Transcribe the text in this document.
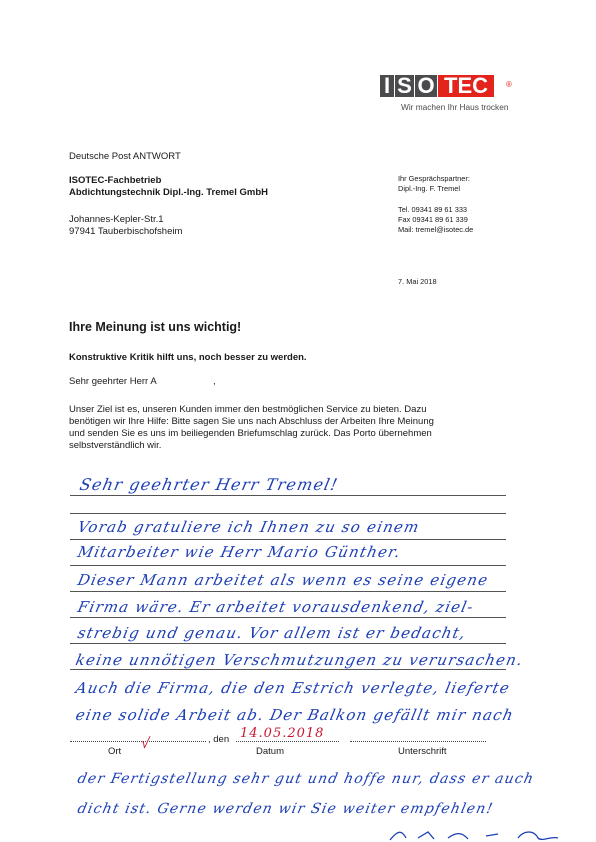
I S O TEC	®
Wir machen Ihr Haus trocken
Deutsche Post ANTWORT
ISOTEC-Fachbetrieb
Abdichtungstechnik Dipl.-Ing. Tremel GmbH
Johannes-Kepler-Str.1
97941 Tauberbischofsheim
Ihr Gesprächspartner:
Dipl.-Ing. F. Tremel
Tel. 09341 89 61 333
Fax 09341 89 61 339
Mail: tremel@isotec.de
7. Mai 2018
Ihre Meinung ist uns wichtig!
Konstruktive Kritik hilft uns, noch besser zu werden.
Sehr geehrter Herr A	,
Unser Ziel ist es, unseren Kunden immer den bestmöglichen Service zu bieten. Dazu
benötigen wir Ihre Hilfe: Bitte sagen Sie uns nach Abschluss der Arbeiten Ihre Meinung
und senden Sie es uns im beiliegenden Briefumschlag zurück. Das Porto übernehmen
selbstverständlich wir.
Sehr geehrter Herr Tremel!
Vorab gratuliere ich Ihnen zu so einem
Mitarbeiter wie Herr Mario Günther.
Dieser Mann arbeitet als wenn es seine eigene
Firma wäre. Er arbeitet vorausdenkend, ziel-
strebig und genau. Vor allem ist er bedacht,
keine unnötigen Verschmutzungen zu verursachen.
Auch die Firma, die den Estrich verlegte, lieferte
eine solide Arbeit ab. Der Balkon gefällt mir nach
, den 14.05.2018
√
Ort	Datum	Unterschrift
der Fertigstellung sehr gut und hoffe nur, dass er auch
dicht ist. Gerne werden wir Sie weiter empfehlen!
